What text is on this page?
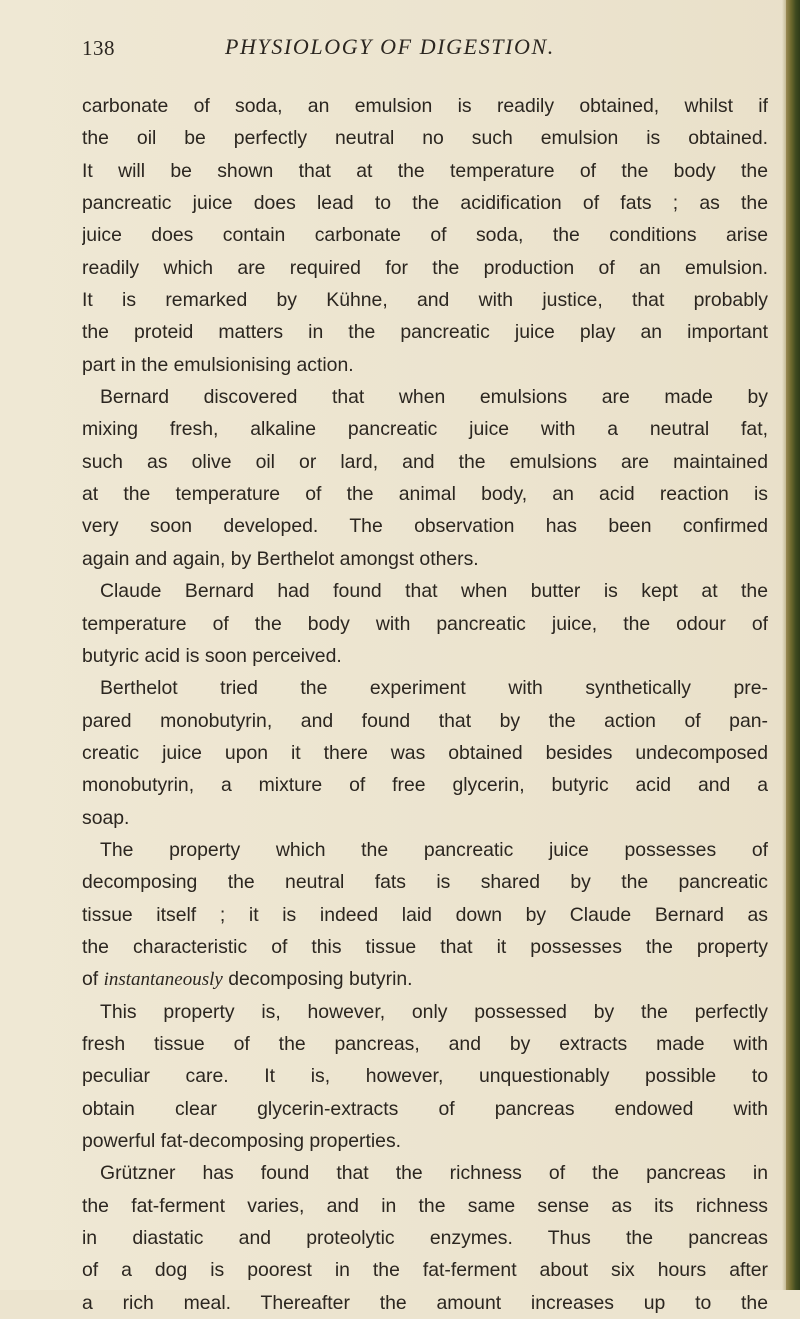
138	PHYSIOLOGY OF DIGESTION.
carbonate of soda, an emulsion is readily obtained, whilst if
the oil be perfectly neutral no such emulsion is obtained.
It will be shown that at the temperature of the body the
pancreatic juice does lead to the acidification of fats ; as the
juice does contain carbonate of soda, the conditions arise
readily which are required for the production of an emulsion.
It is remarked by Kühne, and with justice, that probably
the proteid matters in the pancreatic juice play an important
part in the emulsionising action.
Bernard discovered that when emulsions are made by
mixing fresh, alkaline pancreatic juice with a neutral fat,
such as olive oil or lard, and the emulsions are maintained
at the temperature of the animal body, an acid reaction is
very soon developed. The observation has been confirmed
again and again, by Berthelot amongst others.
Claude Bernard had found that when butter is kept at the
temperature of the body with pancreatic juice, the odour of
butyric acid is soon perceived.
Berthelot tried the experiment with synthetically pre-
pared monobutyrin, and found that by the action of pan-
creatic juice upon it there was obtained besides undecomposed
monobutyrin, a mixture of free glycerin, butyric acid and a
soap.
The property which the pancreatic juice possesses of
decomposing the neutral fats is shared by the pancreatic
tissue itself ; it is indeed laid down by Claude Bernard as
the characteristic of this tissue that it possesses the property
of instantaneously decomposing butyrin.
This property is, however, only possessed by the perfectly
fresh tissue of the pancreas, and by extracts made with
peculiar care. It is, however, unquestionably possible to
obtain clear glycerin-extracts of pancreas endowed with
powerful fat-decomposing properties.
Grützner has found that the richness of the pancreas in
the fat-ferment varies, and in the same sense as its richness
in diastatic and proteolytic enzymes. Thus the pancreas
of a dog is poorest in the fat-ferment about six hours after
a rich meal. Thereafter the amount increases up to the
